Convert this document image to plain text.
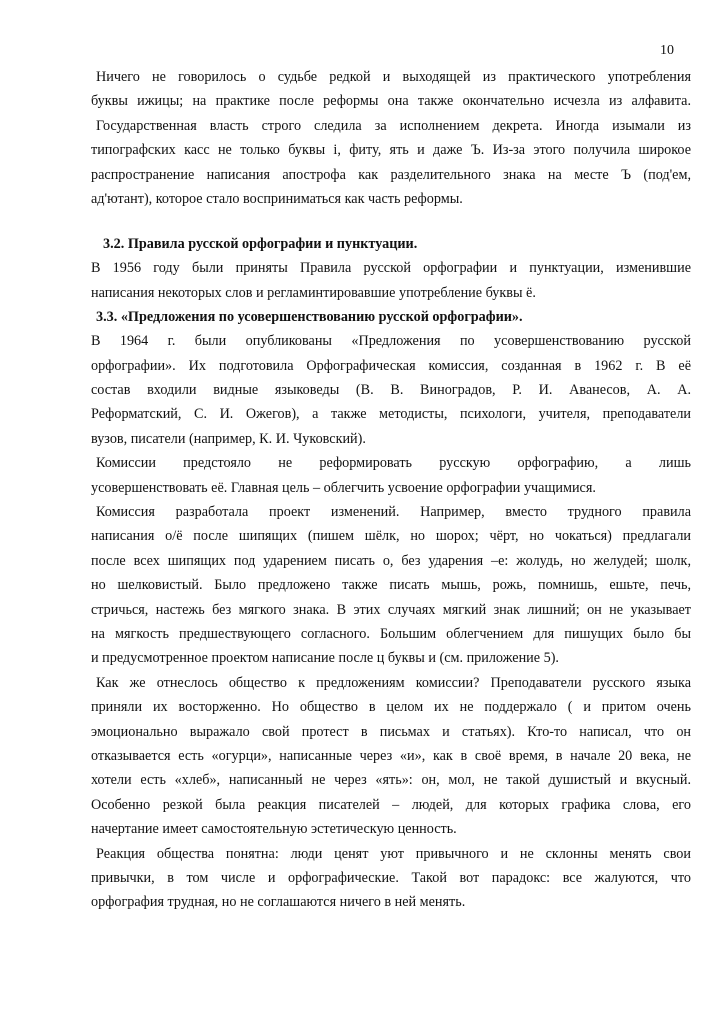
10
Ничего не говорилось о судьбе редкой и выходящей из практического употребления
буквы ижицы; на практике после реформы она также окончательно исчезла из алфавита.
Государственная власть строго следила за исполнением декрета. Иногда изымали из
типографских касс не только буквы і, фиту, ять и даже Ъ. Из-за этого получила широкое
распространение написания апострофа как разделительного знака на месте Ъ (под'ем,
ад'ютант), которое стало восприниматься как часть реформы.
3.2. Правила русской орфографии и пунктуации.
В 1956 году были приняты Правила русской орфографии и пунктуации, изменившие
написания некоторых слов и регламинтировавшие употребление буквы ё.
3.3. «Предложения по усовершенствованию русской орфографии».
В 1964 г. были опубликованы «Предложения по усовершенствованию русской
орфографии». Их подготовила Орфографическая комиссия, созданная в 1962 г. В её
состав входили видные языковеды (В. В. Виноградов, Р. И. Аванесов, А. А.
Реформатский, С. И. Ожегов), а также методисты, психологи, учителя, преподаватели
вузов, писатели (например, К. И. Чуковский).
Комиссии предстояло не реформировать русскую орфографию, а лишь
усовершенствовать её. Главная цель – облегчить усвоение орфографии учащимися.
Комиссия разработала проект изменений. Например, вместо трудного правила
написания о/ё после шипящих (пишем шёлк, но шорох; чёрт, но чокаться) предлагали
после всех шипящих под ударением писать о, без ударения –е: жолудь, но желудей; шолк,
но шелковистый. Было предложено также писать мышь, рожь, помнишь, ешьте, печь,
стричься, настежь без мягкого знака. В этих случаях мягкий знак лишний; он не указывает
на мягкость предшествующего согласного. Большим облегчением для пишущих было бы
и предусмотренное проектом написание после ц буквы и (см. приложение 5).
Как же отнеслось общество к предложениям комиссии? Преподаватели русского языка
приняли их восторженно. Но общество в целом их не поддержало ( и притом очень
эмоционально выражало свой протест в письмах и статьях). Кто-то написал, что он
отказывается есть «огурци», написанные через «и», как в своё время, в начале 20 века, не
хотели есть «хлеб», написанный не через «ять»: он, мол, не такой душистый и вкусный.
Особенно резкой была реакция писателей – людей, для которых графика слова, его
начертание имеет самостоятельную эстетическую ценность.
Реакция общества понятна: люди ценят уют привычного и не склонны менять свои
привычки, в том числе и орфографические. Такой вот парадокс: все жалуются, что
орфография трудная, но не соглашаются ничего в ней менять.
